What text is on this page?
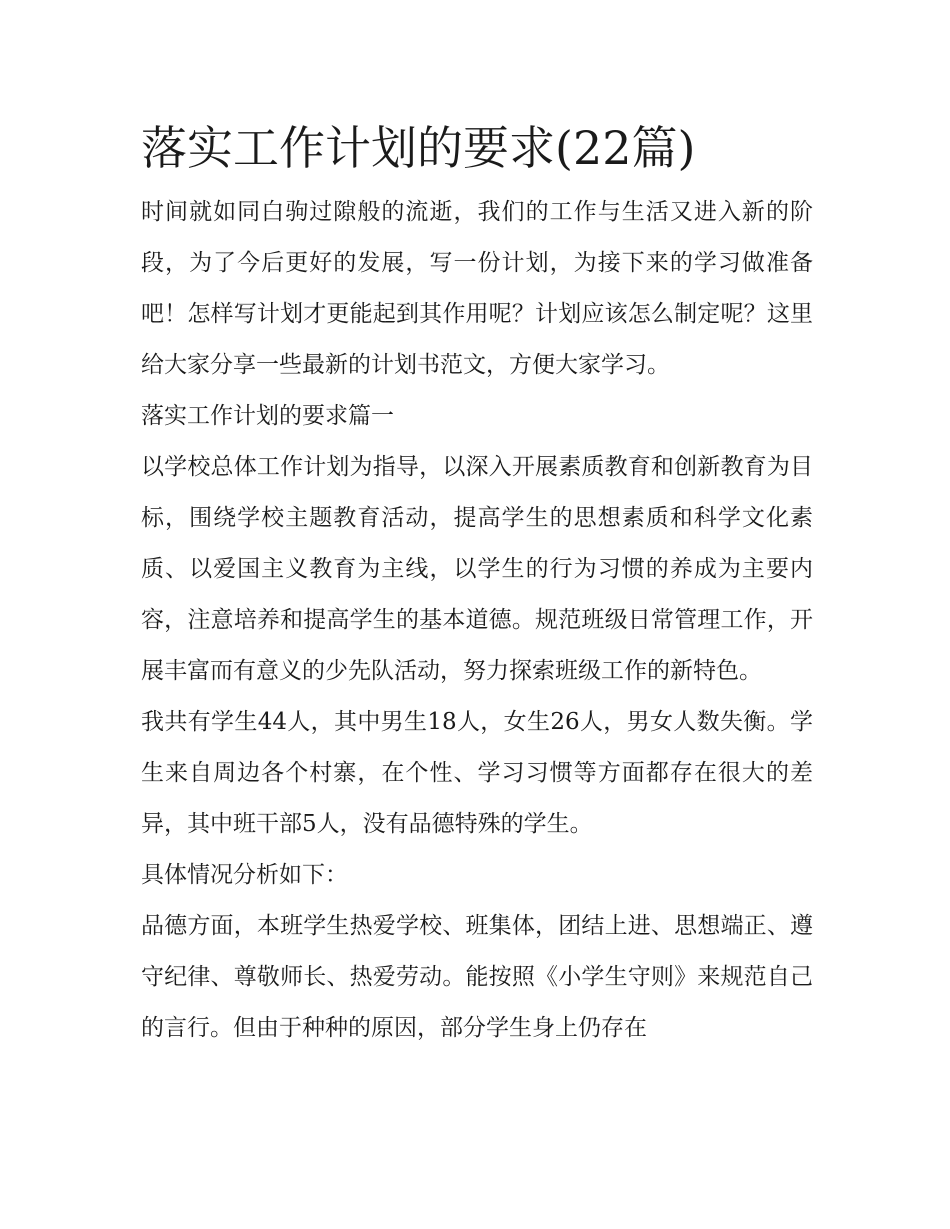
落实工作计划的要求(22篇)

时间就如同白驹过隙般的流逝，我们的工作与生活又进入新的阶段，为了今后更好的发展，写一份计划，为接下来的学习做准备吧！怎样写计划才更能起到其作用呢？计划应该怎么制定呢？这里给大家分享一些最新的计划书范文，方便大家学习。

落实工作计划的要求篇一

以学校总体工作计划为指导，以深入开展素质教育和创新教育为目标，围绕学校主题教育活动，提高学生的思想素质和科学文化素质、以爱国主义教育为主线，以学生的行为习惯的养成为主要内容，注意培养和提高学生的基本道德。规范班级日常管理工作，开展丰富而有意义的少先队活动，努力探索班级工作的新特色。

我共有学生44人，其中男生18人，女生26人，男女人数失衡。学生来自周边各个村寨，在个性、学习习惯等方面都存在很大的差异，其中班干部5人，没有品德特殊的学生。

具体情况分析如下：

品德方面，本班学生热爱学校、班集体，团结上进、思想端正、遵守纪律、尊敬师长、热爱劳动。能按照《小学生守则》来规范自己的言行。但由于种种的原因，部分学生身上仍存在
